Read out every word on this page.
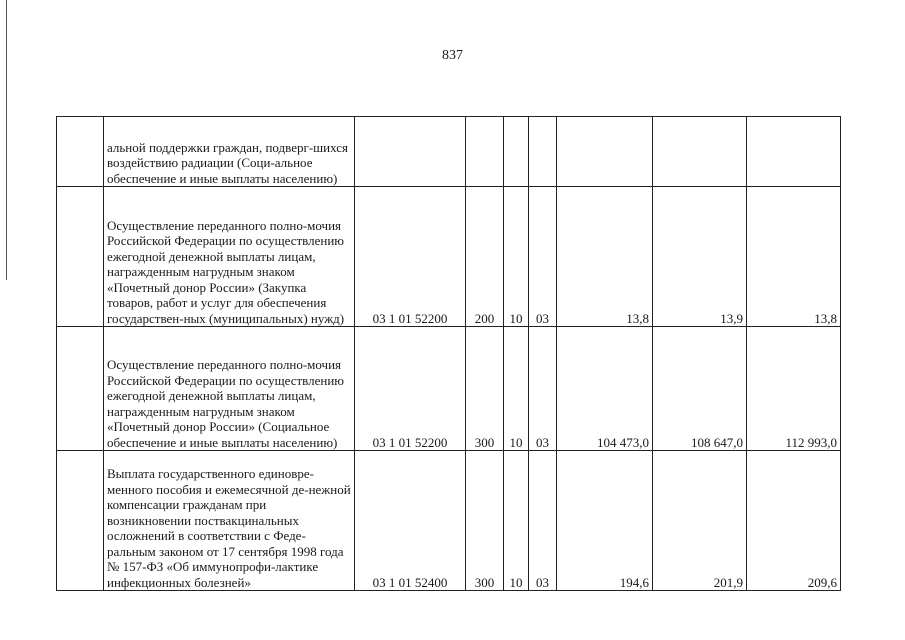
837

	альной поддержки граждан, подверг-шихся воздействию радиации (Соци-альное обеспечение и иные выплаты населению)							

	Осуществление переданного полно-мочия Российской Федерации по осуществлению ежегодной денежной выплаты лицам, награжденным нагрудным знаком «Почетный донор России» (Закупка товаров, работ и услуг для обеспечения государствен-ных (муниципальных) нужд)	03 1 01 52200	200	10	03	13,8	13,9	13,8

	Осуществление переданного полно-мочия Российской Федерации по осуществлению ежегодной денежной выплаты лицам, награжденным нагрудным знаком «Почетный донор России» (Социальное обеспечение и иные выплаты населению)	03 1 01 52200	300	10	03	104 473,0	108 647,0	112 993,0

	Выплата государственного единовре-менного пособия и ежемесячной де-нежной компенсации гражданам при возникновении поствакцинальных осложнений в соответствии с Феде-ральным законом от 17 сентября 1998 года № 157-ФЗ «Об иммунопрофи-лактике инфекционных болезней»	03 1 01 52400	300	10	03	194,6	201,9	209,6
